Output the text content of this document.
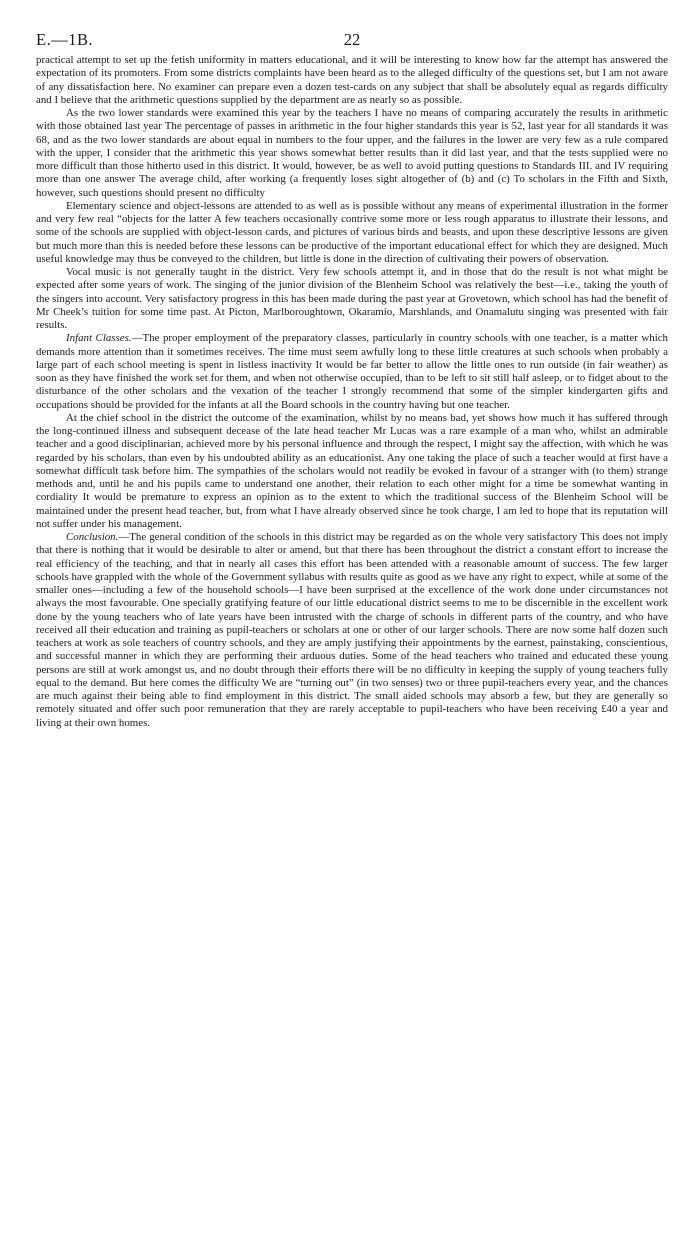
E.—1B.	22

practical attempt to set up the fetish uniformity in matters educational, and it will be interesting to know how far the attempt has answered the expectation of its promoters. From some districts complaints have been heard as to the alleged difficulty of the questions set, but I am not aware of any dissatisfaction here. No examiner can prepare even a dozen test-cards on any subject that shall be absolutely equal as regards difficulty and I believe that the arithmetic questions supplied by the department are as nearly so as possible.

As the two lower standards were examined this year by the teachers I have no means of comparing accurately the results in arithmetic with those obtained last year The percentage of passes in arithmetic in the four higher standards this year is 52, last year for all standards it was 68, and as the two lower standards are about equal in numbers to the four upper, and the failures in the lower are very few as a rule compared with the upper, I consider that the arithmetic this year shows somewhat better results than it did last year, and that the tests supplied were no more difficult than those hitherto used in this district. It would, however, be as well to avoid putting questions to Standards III. and IV requiring more than one answer The average child, after working (a frequently loses sight altogether of (b) and (c) To scholars in the Fifth and Sixth, however, such questions should present no difficulty

Elementary science and object-lessons are attended to as well as is possible without any means of experimental illustration in the former and very few real “objects for the latter A few teachers occasionally contrive some more or less rough apparatus to illustrate their lessons, and some of the schools are supplied with object-lesson cards, and pictures of various birds and beasts, and upon these descriptive lessons are given but much more than this is needed before these lessons can be productive of the important educational effect for which they are designed. Much useful knowledge may thus be conveyed to the children, but little is done in the direction of cultivating their powers of observation.

Vocal music is not generally taught in the district. Very few schools attempt it, and in those that do the result is not what might be expected after some years of work. The singing of the junior division of the Blenheim School was relatively the best—i.e., taking the youth of the singers into account. Very satisfactory progress in this has been made during the past year at Grovetown, which school has had the benefit of Mr Cheek’s tuition for some time past. At Picton, Marlboroughtown, Okaramio, Marshlands, and Onamalutu singing was presented with fair results.

Infant Classes.—The proper employment of the preparatory classes, particularly in country schools with one teacher, is a matter which demands more attention than it sometimes receives. The time must seem awfully long to these little creatures at such schools when probably a large part of each school meeting is spent in listless inactivity It would be far better to allow the little ones to run outside (in fair weather) as soon as they have finished the work set for them, and when not otherwise occupied, than to be left to sit still half asleep, or to fidget about to the disturbance of the other scholars and the vexation of the teacher I strongly recommend that some of the simpler kindergarten gifts and occupations should be provided for the infants at all the Board schools in the country having but one teacher.

At the chief school in the district the outcome of the examination, whilst by no means bad, yet shows how much it has suffered through the long-continued illness and subsequent decease of the late head teacher Mr Lucas was a rare example of a man who, whilst an admirable teacher and a good disciplinarian, achieved more by his personal influence and through the respect, I might say the affection, with which he was regarded by his scholars, than even by his undoubted ability as an educationist. Any one taking the place of such a teacher would at first have a somewhat difficult task before him. The sympathies of the scholars would not readily be evoked in favour of a stranger with (to them) strange methods and, until he and his pupils came to understand one another, their relation to each other might for a time be somewhat wanting in cordiality It would be premature to express an opinion as to the extent to which the traditional success of the Blenheim School will be maintained under the present head teacher, but, from what I have already observed since he took charge, I am led to hope that its reputation will not suffer under his management.

Conclusion.—The general condition of the schools in this district may be regarded as on the whole very satisfactory This does not imply that there is nothing that it would be desirable to alter or amend, but that there has been throughout the district a constant effort to increase the real efficiency of the teaching, and that in nearly all cases this effort has been attended with a reasonable amount of success. The few larger schools have grappled with the whole of the Government syllabus with results quite as good as we have any right to expect, while at some of the smaller ones—including a few of the household schools—I have been surprised at the excellence of the work done under circumstances not always the most favourable. One specially gratifying feature of our little educational district seems to me to be discernible in the excellent work done by the young teachers who of late years have been intrusted with the charge of schools in different parts of the country, and who have received all their education and training as pupil-teachers or scholars at one or other of our larger schools. There are now some half dozen such teachers at work as sole teachers of country schools, and they are amply justifying their appointments by the earnest, painstaking, conscientious, and successful manner in which they are performing their arduous duties. Some of the head teachers who trained and educated these young persons are still at work amongst us, and no doubt through their efforts there will be no difficulty in keeping the supply of young teachers fully equal to the demand. But here comes the difficulty We are “turning out” (in two senses) two or three pupil-teachers every year, and the chances are much against their being able to find employment in this district. The small aided schools may absorb a few, but they are generally so remotely situated and offer such poor remuneration that they are rarely acceptable to pupil-teachers who have been receiving £40 a year and living at their own homes.
